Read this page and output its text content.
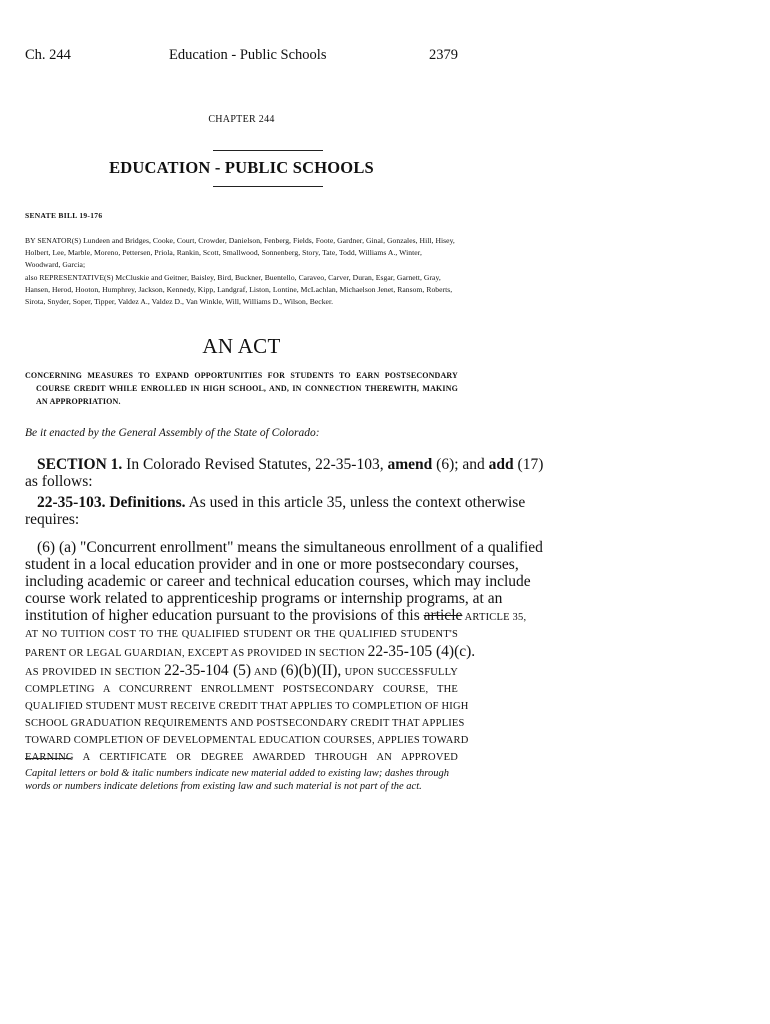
Ch. 244	Education - Public Schools	2379
CHAPTER 244
EDUCATION - PUBLIC SCHOOLS
SENATE BILL 19-176

BY SENATOR(S) Lundeen and Bridges, Cooke, Court, Crowder, Danielson, Fenberg, Fields, Foote, Gardner, Ginal, Gonzales, Hill, Hisey, Holbert, Lee, Marble, Moreno, Pettersen, Priola, Rankin, Scott, Smallwood, Sonnenberg, Story, Tate, Todd, Williams A., Winter, Woodward, Garcia;

also REPRESENTATIVE(S) McCluskie and Geitner, Baisley, Bird, Buckner, Buentello, Caraveo, Carver, Duran, Esgar, Garnett, Gray, Hansen, Herod, Hooton, Humphrey, Jackson, Kennedy, Kipp, Landgraf, Liston, Lontine, McLachlan, Michaelson Jenet, Ransom, Roberts, Sirota, Snyder, Soper, Tipper, Valdez A., Valdez D., Van Winkle, Will, Williams D., Wilson, Becker.

AN ACT
CONCERNING MEASURES TO EXPAND OPPORTUNITIES FOR STUDENTS TO EARN POSTSECONDARY
COURSE CREDIT WHILE ENROLLED IN HIGH SCHOOL, AND, IN CONNECTION THEREWITH, MAKING
AN APPROPRIATION.
Be it enacted by the General Assembly of the State of Colorado:
SECTION 1. In Colorado Revised Statutes, 22-35-103, amend (6); and add (17)
as follows:
22-35-103. Definitions. As used in this article 35, unless the context otherwise
requires:
(6) (a) "Concurrent enrollment" means the simultaneous enrollment of a qualified
student in a local education provider and in one or more postsecondary courses,
including academic or career and technical education courses, which may include
course work related to apprenticeship programs or internship programs, at an
institution of higher education pursuant to the provisions of this article ARTICLE 35,
AT NO TUITION COST TO THE QUALIFIED STUDENT OR THE QUALIFIED STUDENT'S
PARENT OR LEGAL GUARDIAN, EXCEPT AS PROVIDED IN SECTION 22-35-105 (4)(c).
AS PROVIDED IN SECTION 22-35-104 (5) AND (6)(b)(II), UPON SUCCESSFULLY
COMPLETING A CONCURRENT ENROLLMENT POSTSECONDARY COURSE, THE
QUALIFIED STUDENT MUST RECEIVE CREDIT THAT APPLIES TO COMPLETION OF HIGH
SCHOOL GRADUATION REQUIREMENTS AND POSTSECONDARY CREDIT THAT APPLIES
TOWARD COMPLETION OF DEVELOPMENTAL EDUCATION COURSES, APPLIES TOWARD
EARNING A CERTIFICATE OR DEGREE AWARDED THROUGH AN APPROVED
Capital letters or bold & italic numbers indicate new material added to existing law; dashes through
words or numbers indicate deletions from existing law and such material is not part of the act.
